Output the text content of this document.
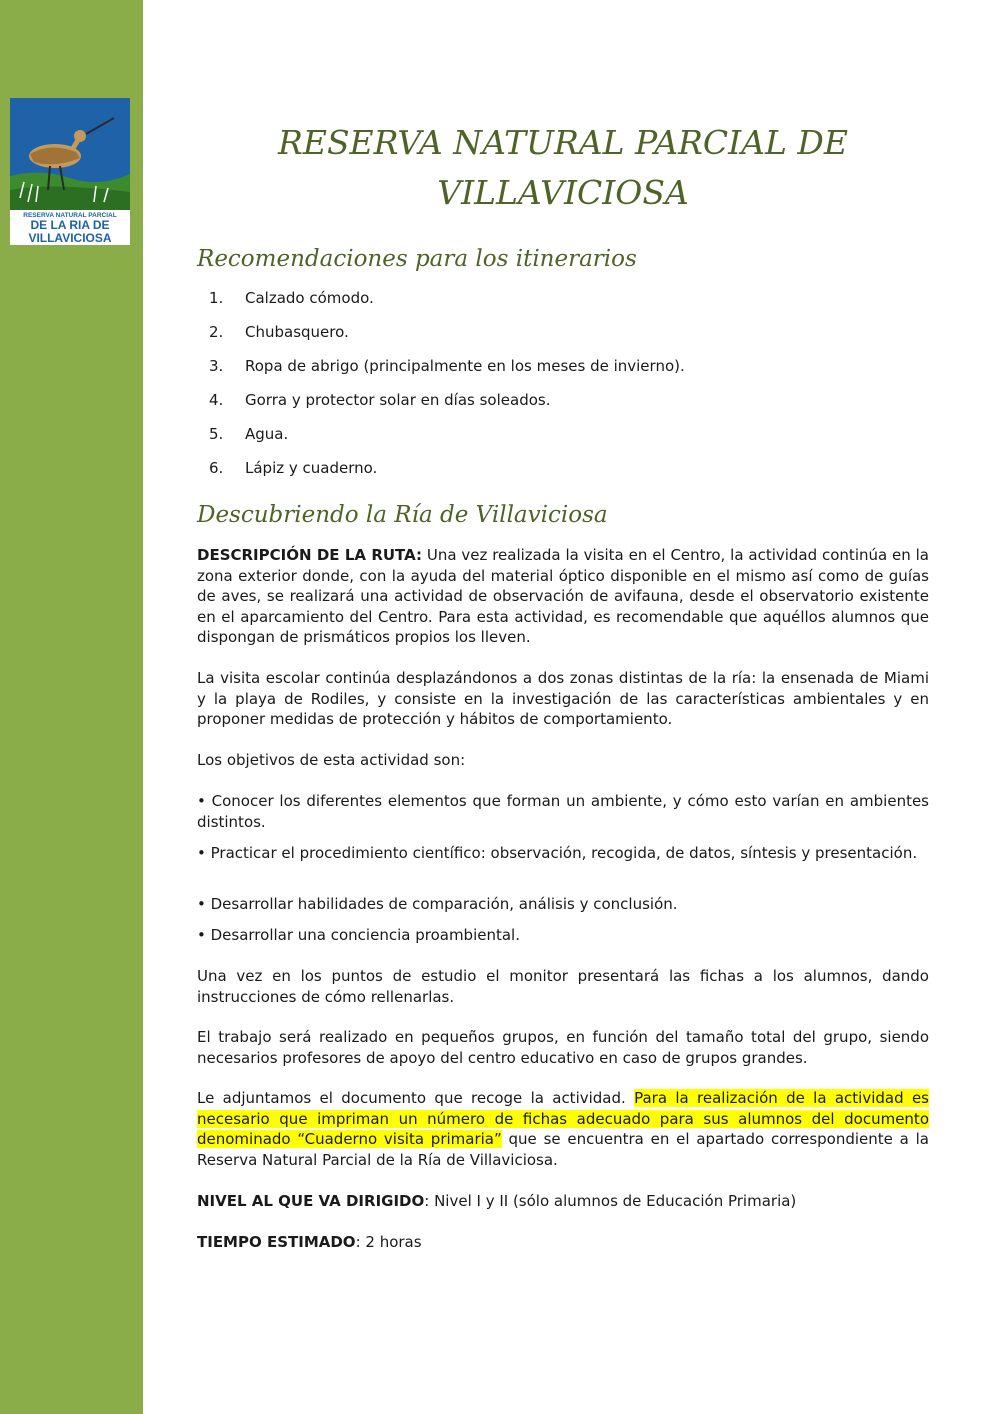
RESERVA NATURAL PARCIAL
DE LA RIA DE
VILLAVICIOSA
RESERVA NATURAL PARCIAL DE
VILLAVICIOSA
Recomendaciones para los itinerarios
1.	Calzado cómodo.
2.	Chubasquero.
3.	Ropa de abrigo (principalmente en los meses de invierno).
4.	Gorra y protector solar en días soleados.
5.	Agua.
6.	Lápiz y cuaderno.
Descubriendo la Ría de Villaviciosa
DESCRIPCIÓN DE LA RUTA: Una vez realizada la visita en el Centro, la actividad continúa en la zona exterior donde, con la ayuda del material óptico disponible en el mismo así como de guías de aves, se realizará una actividad de observación de avifauna, desde el observatorio existente en el aparcamiento del Centro. Para esta actividad, es recomendable que aquéllos alumnos que dispongan de prismáticos propios los lleven.
La visita escolar continúa desplazándonos a dos zonas distintas de la ría: la ensenada de Miami y la playa de Rodiles, y consiste en la investigación de las características ambientales y en proponer medidas de protección y hábitos de comportamiento.
Los objetivos de esta actividad son:
• Conocer los diferentes elementos que forman un ambiente, y cómo esto varían en ambientes distintos.
• Practicar el procedimiento científico: observación, recogida, de datos, síntesis y presentación.
• Desarrollar habilidades de comparación, análisis y conclusión.
• Desarrollar una conciencia proambiental.
Una vez en los puntos de estudio el monitor presentará las fichas a los alumnos, dando instrucciones de cómo rellenarlas.
El trabajo será realizado en pequeños grupos, en función del tamaño total del grupo, siendo necesarios profesores de apoyo del centro educativo en caso de grupos grandes.
Le adjuntamos el documento que recoge la actividad. Para la realización de la actividad es necesario que impriman un número de fichas adecuado para sus alumnos del documento denominado “Cuaderno visita primaria” que se encuentra en el apartado correspondiente a la Reserva Natural Parcial de la Ría de Villaviciosa.
NIVEL AL QUE VA DIRIGIDO: Nivel I y II (sólo alumnos de Educación Primaria)
TIEMPO ESTIMADO: 2 horas
